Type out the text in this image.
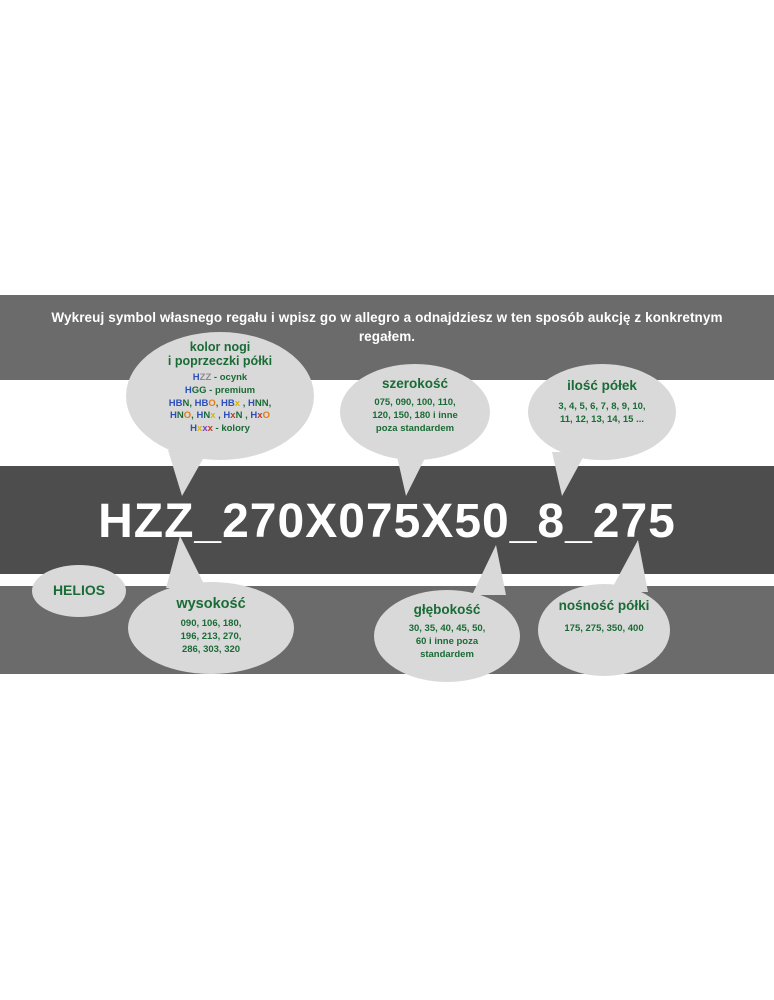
Wykreuj symbol własnego regału i wpisz go w allegro a odnajdziesz w ten sposób aukcję z konkretnym regałem.
HZZ_270X075X50_8_275
kolor nogi
i poprzeczki półki
HZZ - ocynk
HGG - premium
HBN, HBO, HBx , HNN,
HNO, HNx , HxN , HxO
Hxxx - kolory
szerokość
075, 090, 100, 110,
120, 150, 180 i inne
poza standardem
ilość półek
3, 4, 5, 6, 7, 8, 9, 10,
11, 12, 13, 14, 15 ...
HELIOS
wysokość
090, 106, 180,
196, 213, 270,
286, 303, 320
głębokość
30, 35, 40, 45, 50,
60 i inne poza
standardem
nośność półki
175, 275, 350, 400
